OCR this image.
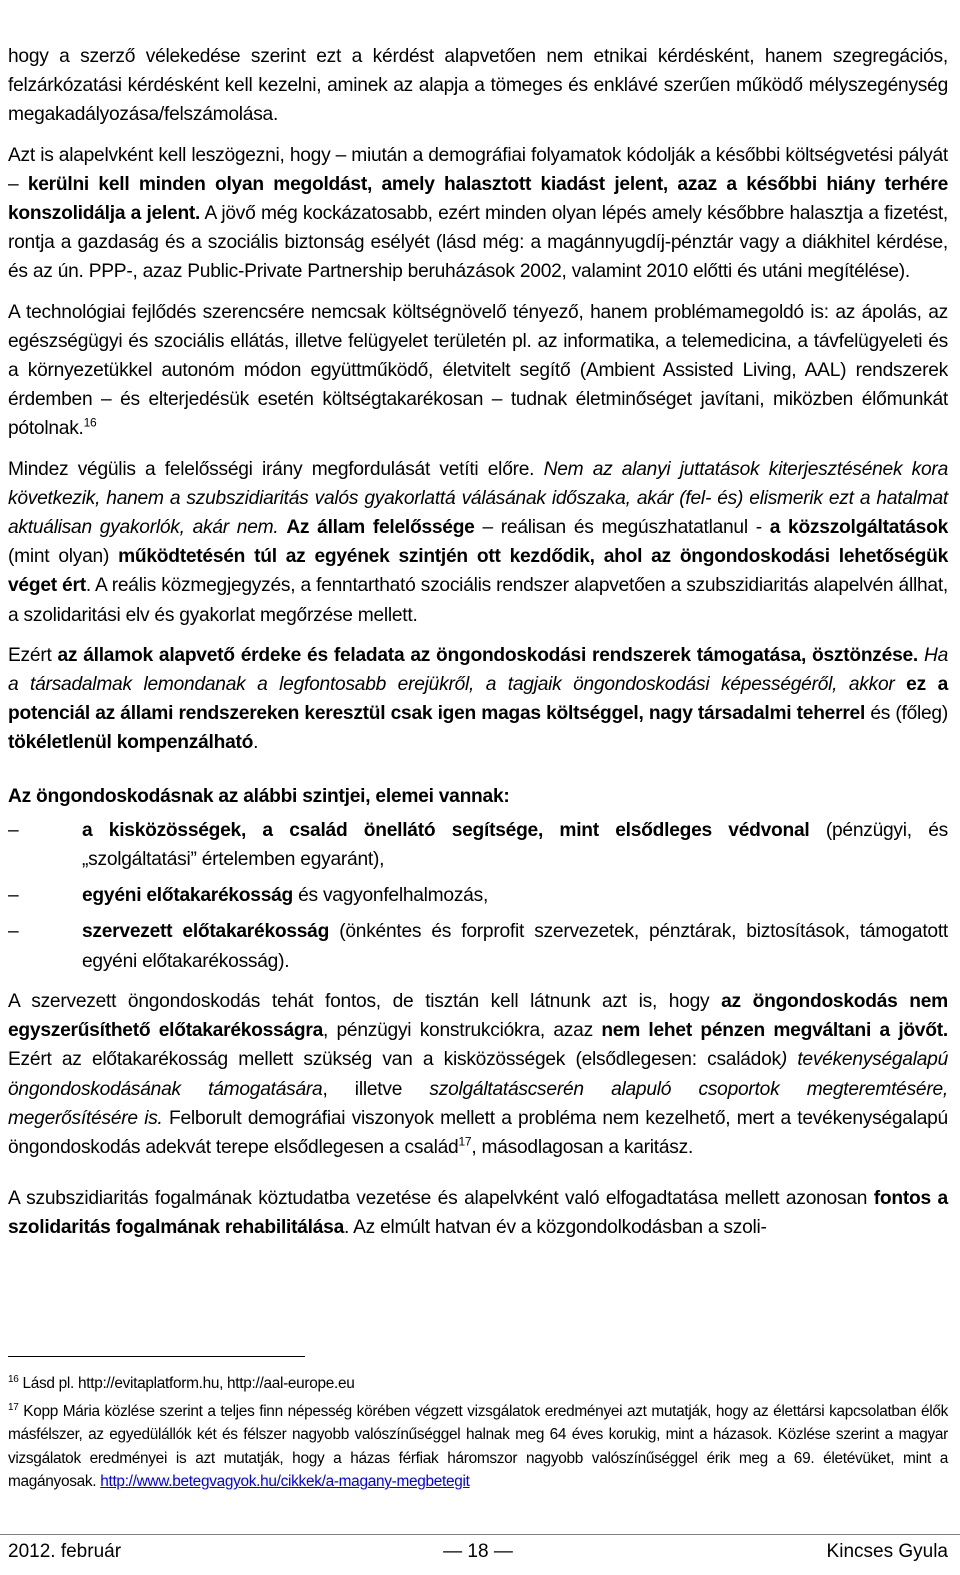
hogy a szerző vélekedése szerint ezt a kérdést alapvetően nem etnikai kérdésként, hanem szegregációs, felzárkózatási kérdésként kell kezelni, aminek az alapja a tömeges és enklávé szerűen működő mélyszegénység megakadályozása/felszámolása.

Azt is alapelvként kell leszögezni, hogy – miután a demográfiai folyamatok kódolják a későbbi költségvetési pályát – kerülni kell minden olyan megoldást, amely halasztott kiadást jelent, azaz a későbbi hiány terhére konszolidálja a jelent. A jövő még kockázatosabb, ezért minden olyan lépés amely későbbre halasztja a fizetést, rontja a gazdaság és a szociális biztonság esélyét (lásd még: a magánnyugdíj-pénztár vagy a diákhitel kérdése, és az ún. PPP-, azaz Public-Private Partnership beruházások 2002, valamint 2010 előtti és utáni megítélése).

A technológiai fejlődés szerencsére nemcsak költségnövelő tényező, hanem problémamegoldó is: az ápolás, az egészségügyi és szociális ellátás, illetve felügyelet területén pl. az informatika, a telemedicina, a távfelügyeleti és a környezetükkel autonóm módon együttműködő, életvitelt segítő (Ambient Assisted Living, AAL) rendszerek érdemben – és elterjedésük esetén költségtakarékosan – tudnak életminőséget javítani, miközben élőmunkát pótolnak.$^{16}$

Mindez végülis a felelősségi irány megfordulását vetíti előre. Nem az alanyi juttatások kiterjesztésének kora következik, hanem a szubszidiaritás valós gyakorlattá válásának időszaka, akár (fel- és) elismerik ezt a hatalmat aktuálisan gyakorlók, akár nem. Az állam felelőssége – reálisan és megúszhatatlanul - a közszolgáltatások (mint olyan) működtetésén túl az egyének szintjén ott kezdődik, ahol az öngondoskodási lehetőségük véget ért. A reális közmegjegyzés, a fenntartható szociális rendszer alapvetően a szubszidiaritás alapelvén állhat, a szolidaritási elv és gyakorlat megőrzése mellett.

Ezért az államok alapvető érdeke és feladata az öngondoskodási rendszerek támogatása, ösztönzése. Ha a társadalmak lemondanak a legfontosabb erejükről, a tagjaik öngondoskodási képességéről, akkor ez a potenciál az állami rendszereken keresztül csak igen magas költséggel, nagy társadalmi teherrel és (főleg) tökéletlenül kompenzálható.

Az öngondoskodásnak az alábbi szintjei, elemei vannak:
–	a kisközösségek, a család önellátó segítsége, mint elsődleges védvonal (pénzügyi, és „szolgáltatási” értelemben egyaránt),
–	egyéni előtakarékosság és vagyonfelhalmozás,
–	szervezett előtakarékosság (önkéntes és forprofit szervezetek, pénztárak, biztosítások, támogatott egyéni előtakarékosság).

A szervezett öngondoskodás tehát fontos, de tisztán kell látnunk azt is, hogy az öngondoskodás nem egyszerűsíthető előtakarékosságra, pénzügyi konstrukciókra, azaz nem lehet pénzen megváltani a jövőt. Ezért az előtakarékosság mellett szükség van a kisközösségek (elsődlegesen: családok) tevékenységalapú öngondoskodásának támogatására, illetve szolgáltatáscserén alapuló csoportok megteremtésére, megerősítésére is. Felborult demográfiai viszonyok mellett a probléma nem kezelhető, mert a tevékenységalapú öngondoskodás adekvát terepe elsődlegesen a család$^{17}$, másodlagosan a karitász.

A szubszidiaritás fogalmának köztudatba vezetése és alapelvként való elfogadtatása mellett azonosan fontos a szolidaritás fogalmának rehabilitálása. Az elmúlt hatvan év a közgondolkodásban a szoli-

$^{16}$ Lásd pl. http://evitaplatform.hu, http://aal-europe.eu

$^{17}$ Kopp Mária közlése szerint a teljes finn népesség körében végzett vizsgálatok eredményei azt mutatják, hogy az élettársi kapcsolatban élők másfélszer, az egyedülállók két és félszer nagyobb valószínűséggel halnak meg 64 éves korukig, mint a házasok. Közlése szerint a magyar vizsgálatok eredményei is azt mutatják, hogy a házas férfiak háromszor nagyobb valószínűséggel érik meg a 69. életévüket, mint a magányosak. http://www.betegvagyok.hu/cikkek/a-magany-megbetegit

2012. február	— 18 —	Kincses Gyula
